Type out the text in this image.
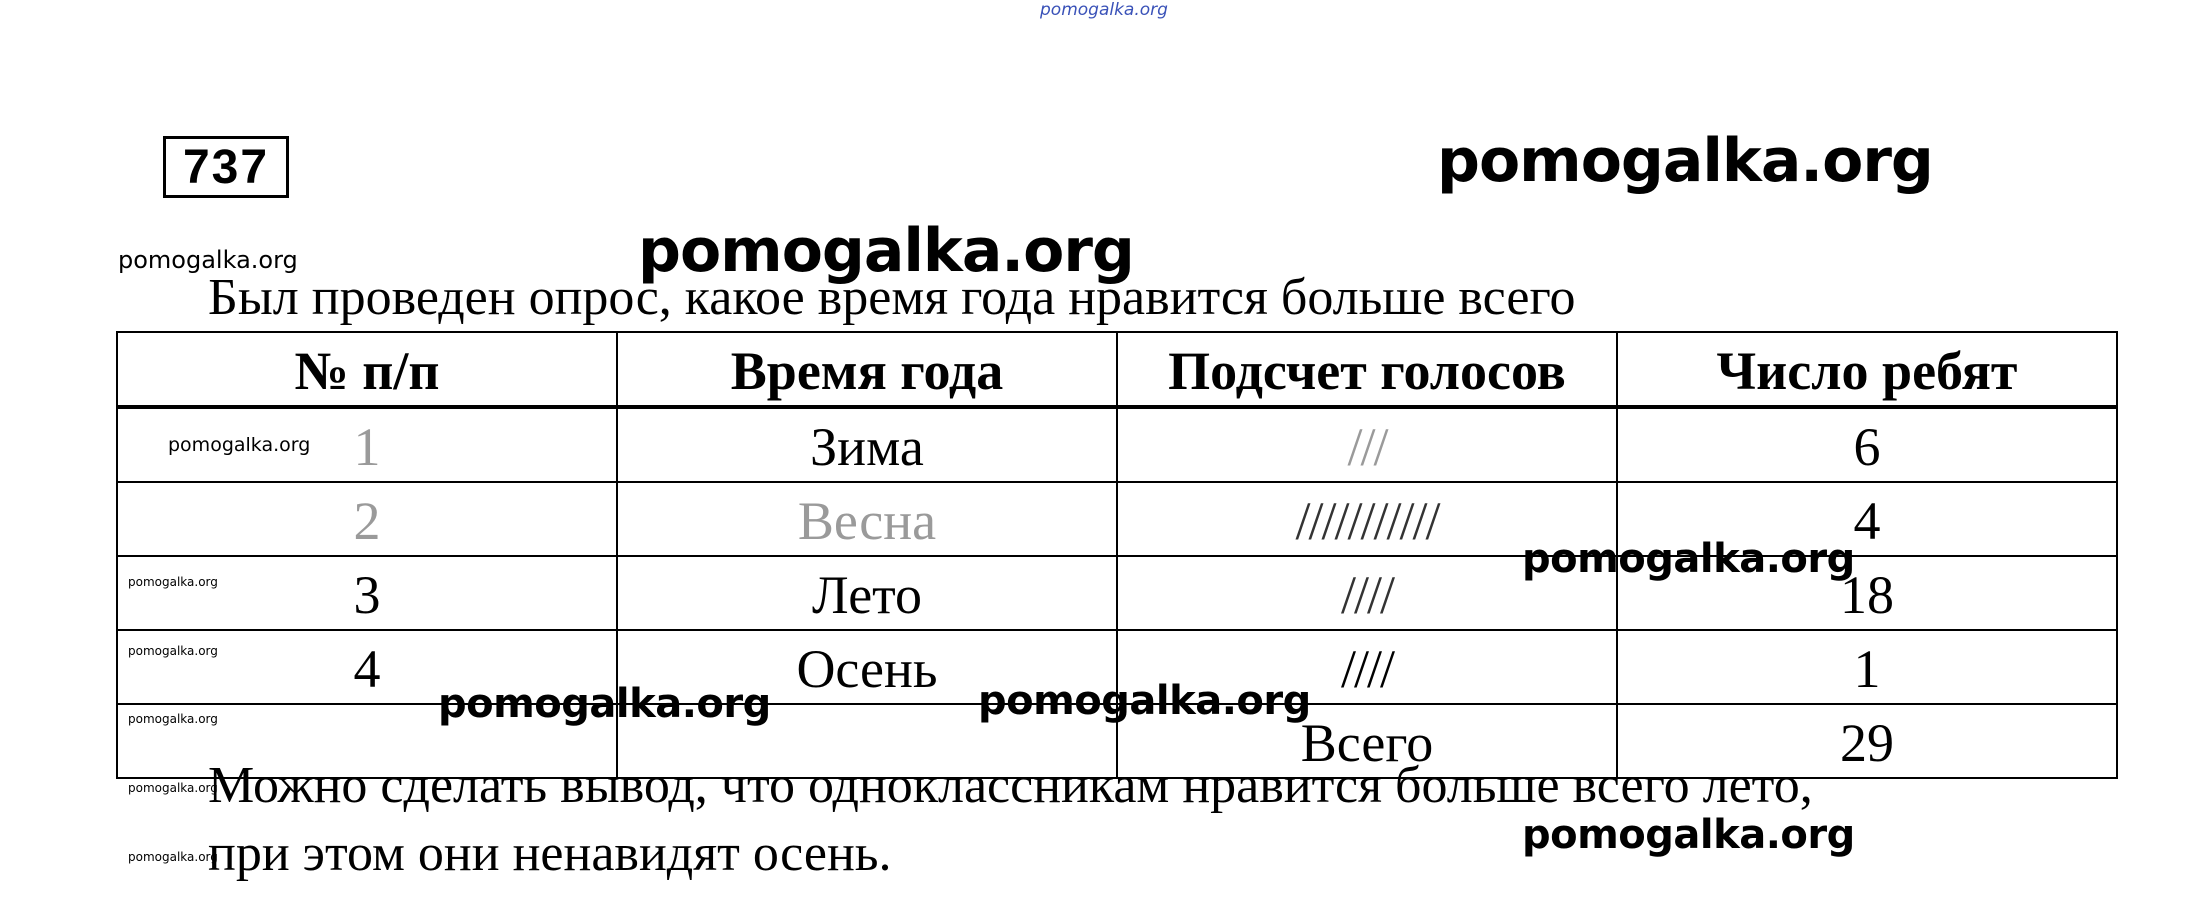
pomogalka.org
pomogalka.org
pomogalka.org
pomogalka.org
737
Был проведен опрос, какое время года нравится больше всего
№ п/п	Время года	Подсчет голосов	Число ребят
1	Зима	///	6
2	Весна	///////////	4
3	Лето	////	18
4	Осень	////	1
		Всего	29
pomogalka.org
pomogalka.org	pomogalka.org
pomogalka.org
pomogalka.org	pomogalka.org	pomogalka.org
pomogalka.org
Можно сделать вывод, что одноклассникам нравится больше всего лето,
pomogalka.org
при этом они ненавидят осень.	pomogalka.org
